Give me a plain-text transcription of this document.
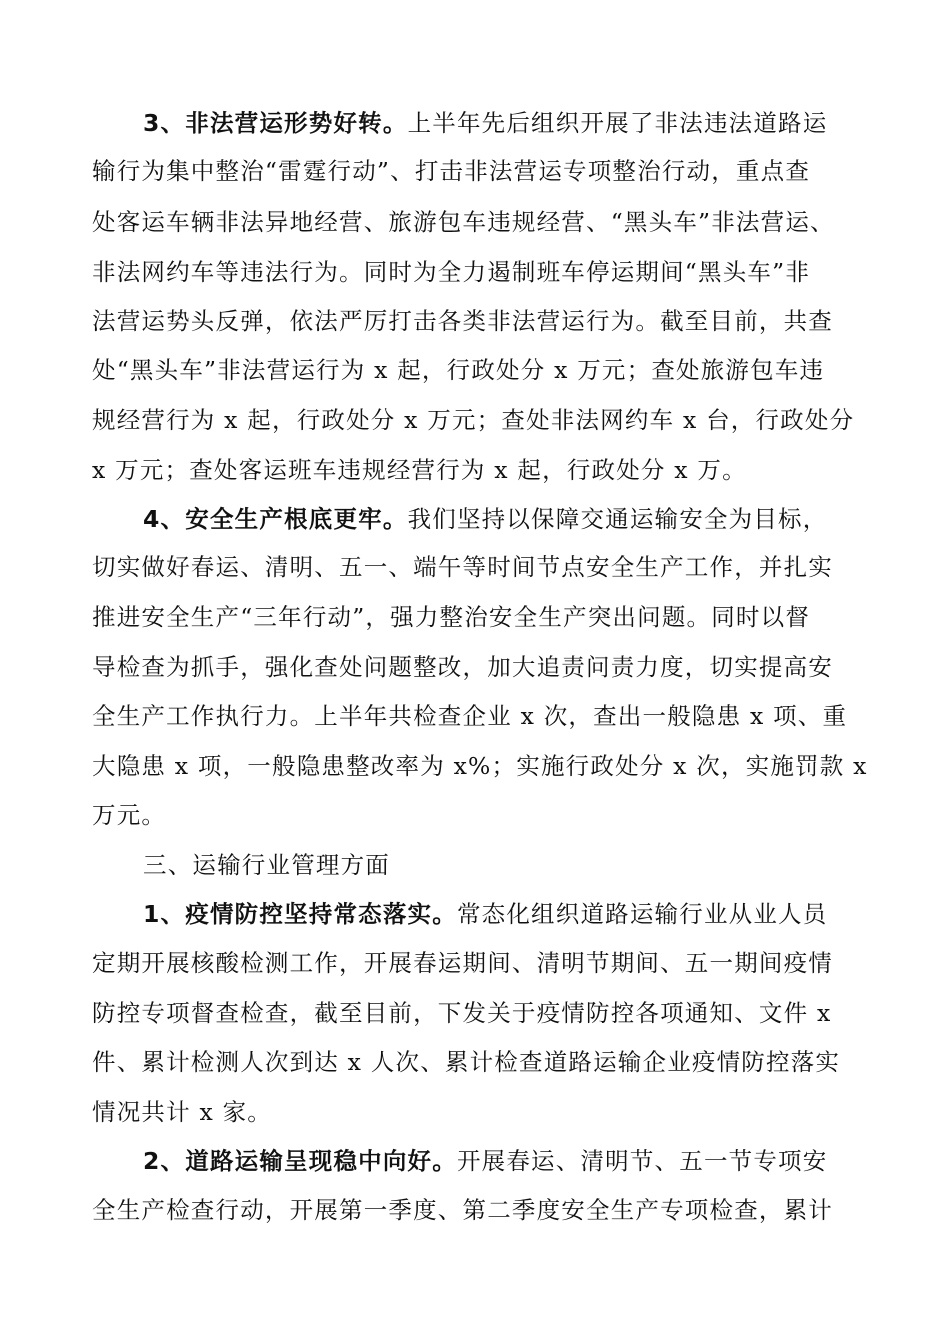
3、非法营运形势好转。上半年先后组织开展了非法违法道路运
输行为集中整治“雷霆行动”、打击非法营运专项整治行动，重点查
处客运车辆非法异地经营、旅游包车违规经营、“黑头车”非法营运、
非法网约车等违法行为。同时为全力遏制班车停运期间“黑头车”非
法营运势头反弹，依法严厉打击各类非法营运行为。截至目前，共查
处“黑头车”非法营运行为 x 起，行政处分 x 万元；查处旅游包车违
规经营行为 x 起，行政处分 x 万元；查处非法网约车 x 台，行政处分
x 万元；查处客运班车违规经营行为 x 起，行政处分 x 万。
4、安全生产根底更牢。我们坚持以保障交通运输安全为目标，
切实做好春运、清明、五一、端午等时间节点安全生产工作，并扎实
推进安全生产“三年行动”，强力整治安全生产突出问题。同时以督
导检查为抓手，强化查处问题整改，加大追责问责力度，切实提高安
全生产工作执行力。上半年共检查企业 x 次，查出一般隐患 x 项、重
大隐患 x 项，一般隐患整改率为 x%；实施行政处分 x 次，实施罚款 x
万元。
三、运输行业管理方面
1、疫情防控坚持常态落实。常态化组织道路运输行业从业人员
定期开展核酸检测工作，开展春运期间、清明节期间、五一期间疫情
防控专项督查检查，截至目前，下发关于疫情防控各项通知、文件 x
件、累计检测人次到达 x 人次、累计检查道路运输企业疫情防控落实
情况共计 x 家。
2、道路运输呈现稳中向好。开展春运、清明节、五一节专项安
全生产检查行动，开展第一季度、第二季度安全生产专项检查，累计
